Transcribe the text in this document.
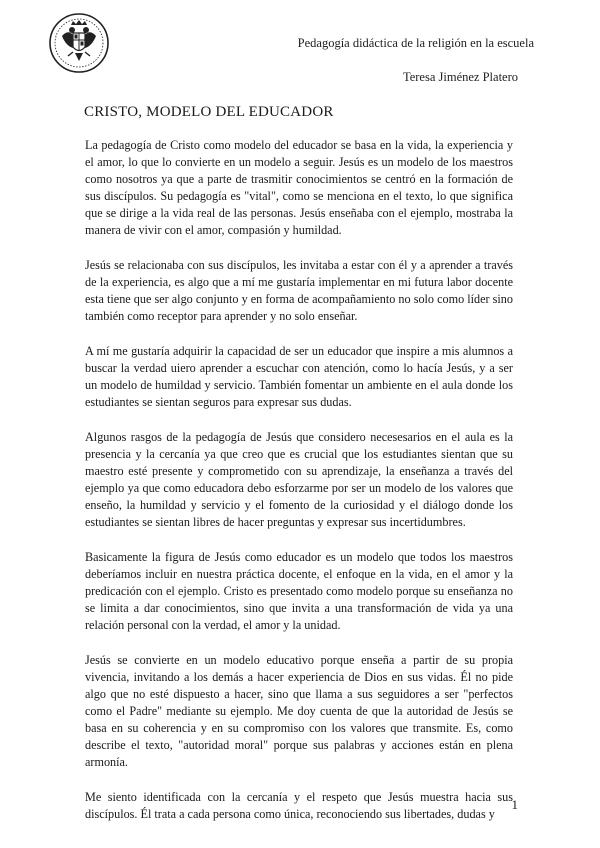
Pedagogía didáctica de la religión en la escuela
Teresa Jiménez Platero
CRISTO, MODELO DEL EDUCADOR

La pedagogía de Cristo como modelo del educador se basa en la vida, la experiencia y el amor, lo que lo convierte en un modelo a seguir. Jesús es un modelo de los maestros como nosotros ya que a parte de trasmitir conocimientos se centró en la formación de sus discípulos. Su pedagogía es "vital", como se menciona en el texto, lo que significa que se dirige a la vida real de las personas. Jesús enseñaba con el ejemplo, mostraba la manera de vivir con el amor, compasión y humildad.

Jesús se relacionaba con sus discípulos, les invitaba a estar con él y a aprender a través de la experiencia, es algo que a mí me gustaría implementar en mi futura labor docente esta tiene que ser algo conjunto y en forma de acompañamiento no solo como líder sino también como receptor para aprender y no solo enseñar.

A mí me gustaría adquirir la capacidad de ser un educador que inspire a mis alumnos a buscar la verdad uiero aprender a escuchar con atención, como lo hacía Jesús, y a ser un modelo de humildad y servicio. También fomentar un ambiente en el aula donde los estudiantes se sientan seguros para expresar sus dudas.

Algunos rasgos de la pedagogía de Jesús que considero necesesarios en el aula es la presencia y la cercanía ya que creo que es crucial que los estudiantes sientan que su maestro esté presente y comprometido con su aprendizaje, la enseñanza a través del ejemplo ya que como educadora debo esforzarme por ser un modelo de los valores que enseño, la humildad y servicio y el fomento de la curiosidad y el diálogo donde los estudiantes se sientan libres de hacer preguntas y expresar sus incertidumbres.

Basicamente la figura de Jesús como educador es un modelo que todos los maestros deberíamos incluir en nuestra práctica docente, el enfoque en la vida, en el amor y la predicación con el ejemplo. Cristo es presentado como modelo porque su enseñanza no se limita a dar conocimientos, sino que invita a una transformación de vida ya una relación personal con la verdad, el amor y la unidad.

Jesús se convierte en un modelo educativo porque enseña a partir de su propia vivencia, invitando a los demás a hacer experiencia de Dios en sus vidas. Él no pide algo que no esté dispuesto a hacer, sino que llama a sus seguidores a ser "perfectos como el Padre" mediante su ejemplo. Me doy cuenta de que la autoridad de Jesús se basa en su coherencia y en su compromiso con los valores que transmite. Es, como describe el texto, "autoridad moral" porque sus palabras y acciones están en plena armonía.

Me siento identificada con la cercanía y el respeto que Jesús muestra hacia sus discípulos. Él trata a cada persona como única, reconociendo sus libertades, dudas y

1
